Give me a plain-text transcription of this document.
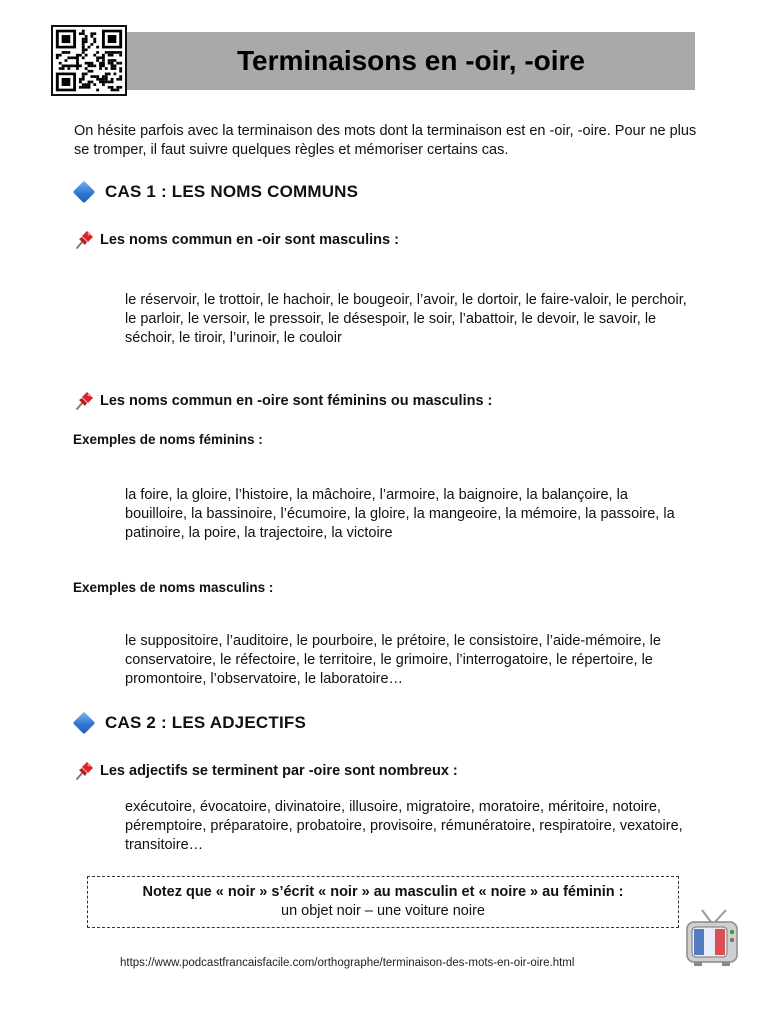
Terminaisons en -oir, -oire

On hésite parfois avec la terminaison des mots dont la terminaison est en -oir, -oire. Pour ne plus se tromper, il faut suivre quelques règles et mémoriser certains cas.

CAS 1 : LES NOMS COMMUNS
Les noms commun en -oir sont masculins :

le réservoir, le trottoir, le hachoir, le bougeoir, l’avoir, le dortoir, le faire-valoir, le perchoir, le parloir, le versoir, le pressoir, le désespoir, le soir, l’abattoir, le devoir, le savoir, le séchoir, le tiroir, l’urinoir, le couloir

Les noms commun en -oire sont féminins ou masculins :
Exemples de noms féminins :

la foire, la gloire, l’histoire, la mâchoire, l’armoire, la baignoire, la balançoire, la bouilloire, la bassinoire, l’écumoire, la gloire, la mangeoire, la mémoire, la passoire, la patinoire, la poire, la trajectoire, la victoire

Exemples de noms masculins :

le suppositoire, l’auditoire, le pourboire, le prétoire, le consistoire, l’aide-mémoire, le conservatoire, le réfectoire, le territoire, le grimoire, l’interrogatoire, le répertoire, le promontoire, l’observatoire, le laboratoire…

CAS 2 : LES ADJECTIFS
Les adjectifs se terminent par -oire sont nombreux :

exécutoire, évocatoire, divinatoire, illusoire, migratoire, moratoire, méritoire, notoire, péremptoire, préparatoire, probatoire, provisoire, rémunératoire, respiratoire, vexatoire, transitoire…

Notez que « noir » s’écrit « noir » au masculin et « noire » au féminin :
un objet noir – une voiture noire
https://www.podcastfrancaisfacile.com/orthographe/terminaison-des-mots-en-oir-oire.html
